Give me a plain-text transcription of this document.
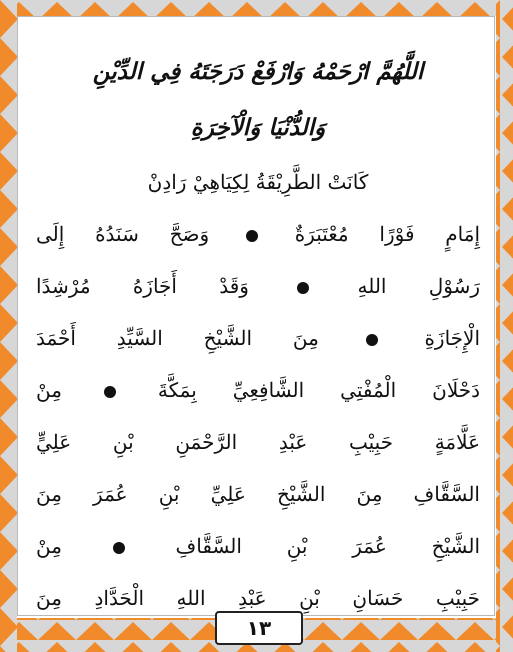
اللَّهُمَّ ارْحَمْهُ وَارْفَعْ دَرَجَتَهُ فِي الدِّيْنِ

وَالدُّنْيَا وَالْآخِرَةِ

كَانَتْ الطَّرِيْقَةُ لِكِيَاهِيْ رَادِنْ

إِمَامٍ فَوْرًا مُعْتَبَرَةٌ  وَصَحَّ سَنَدُهُ إِلَى

رَسُوْلِ اللهِ  وَقَدْ أَجَازَهُ مُرْشِدًا

الْإِجَازَةِ  مِنَ الشَّيْخِ السَّيِّدِ أَحْمَدَ

دَحْلَانَ الْمُفْتِي الشَّافِعِيِّ بِمَكَّةَ  مِنْ

عَلَّامَةٍ حَبِيْبِ عَبْدِ الرَّحْمَنِ بْنِ عَلِيٍّ

السَّقَّافِ مِنَ الشَّيْخِ عَلِيِّ بْنِ عُمَرَ مِنَ

الشَّيْخِ عُمَرَ بْنِ السَّقَّافِ  مِنْ

حَبِيْبِ حَسَانِ بْنِ عَبْدِ اللهِ الْحَدَّادِ مِنَ

١٣
